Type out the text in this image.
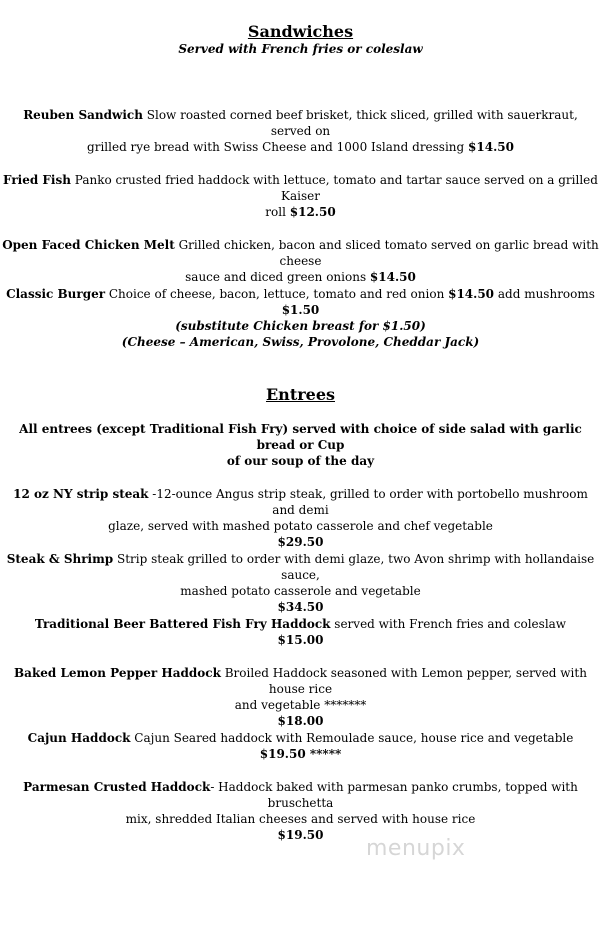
Sandwiches
Served with French fries or coleslaw
Reuben Sandwich Slow roasted corned beef brisket, thick sliced, grilled with sauerkraut, served on
grilled rye bread with Swiss Cheese and 1000 Island dressing $14.50
Fried Fish Panko crusted fried haddock with lettuce, tomato and tartar sauce served on a grilled Kaiser
roll $12.50
Open Faced Chicken Melt Grilled chicken, bacon and sliced tomato served on garlic bread with cheese
sauce and diced green onions $14.50
Classic Burger Choice of cheese, bacon, lettuce, tomato and red onion $14.50 add mushrooms $1.50
(substitute Chicken breast for $1.50)
(Cheese – American, Swiss, Provolone, Cheddar Jack)
Entrees
All entrees (except Traditional Fish Fry) served with choice of side salad with garlic bread or Cup
of our soup of the day
12 oz NY strip steak -12-ounce Angus strip steak, grilled to order with portobello mushroom and demi
glaze, served with mashed potato casserole and chef vegetable
$29.50
Steak & Shrimp Strip steak grilled to order with demi glaze, two Avon shrimp with hollandaise sauce,
mashed potato casserole and vegetable
$34.50
Traditional Beer Battered Fish Fry Haddock served with French fries and coleslaw
$15.00
Baked Lemon Pepper Haddock Broiled Haddock seasoned with Lemon pepper, served with house rice
and vegetable *******
$18.00
Cajun Haddock Cajun Seared haddock with Remoulade sauce, house rice and vegetable
$19.50 *****
Parmesan Crusted Haddock- Haddock baked with parmesan panko crumbs, topped with bruschetta
mix, shredded Italian cheeses and served with house rice
$19.50
menupix
